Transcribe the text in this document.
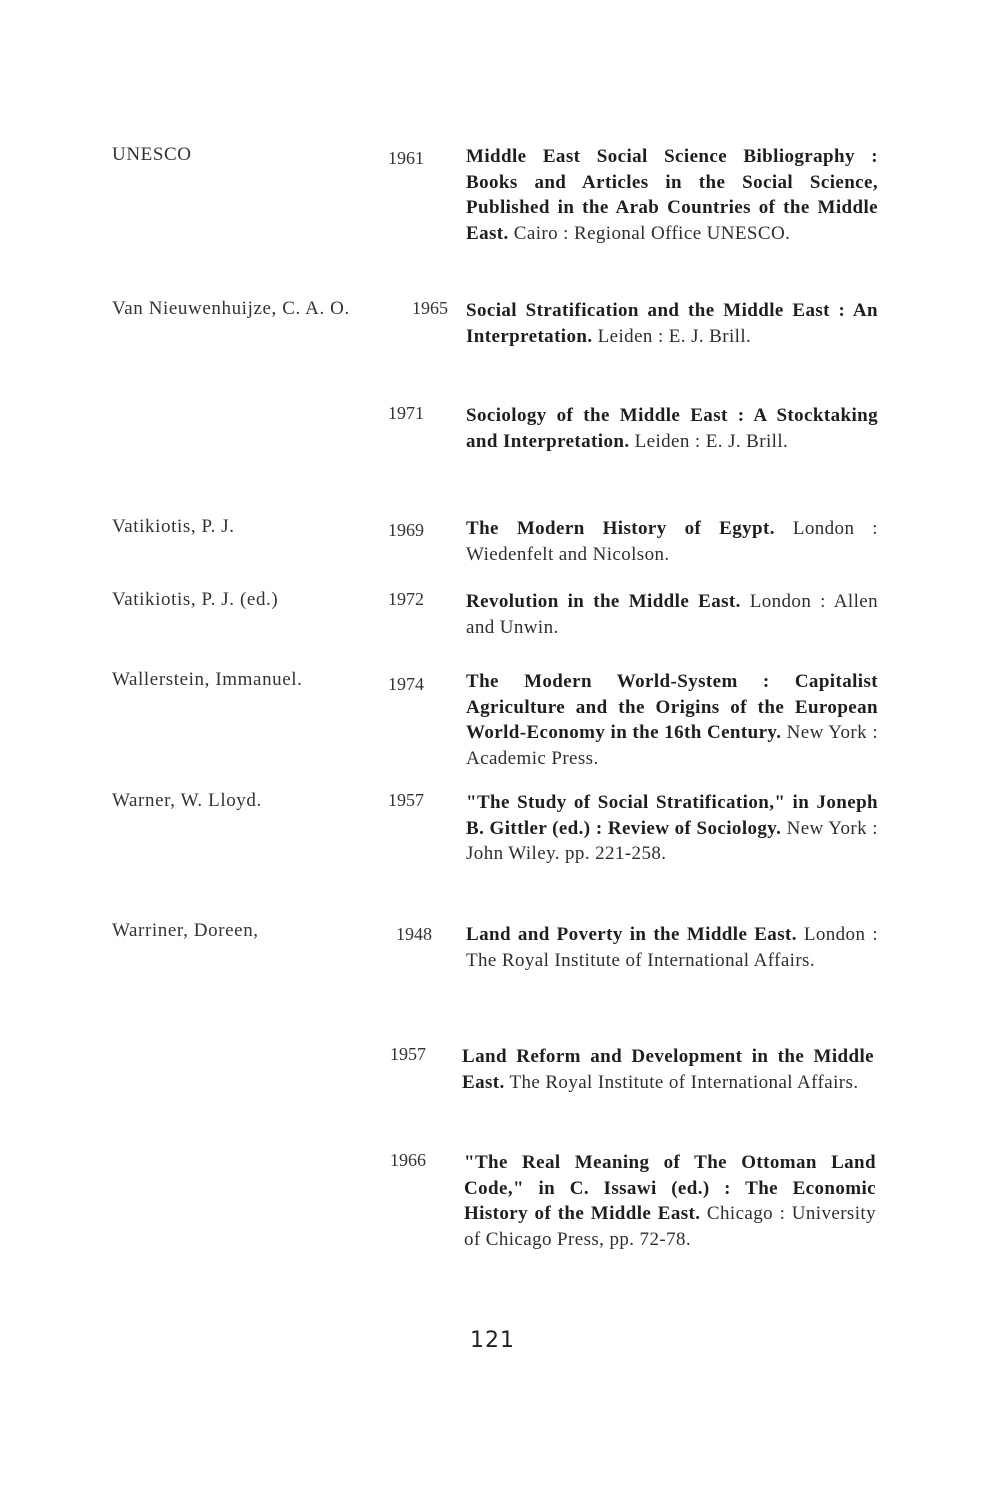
UNESCO	1961 Middle East Social Science Bibliography : Books and Articles in the Social Science, Published in the Arab Countries of the Middle East. Cairo : Regional Office UNESCO.
Van Nieuwenhuijze, C. A. O.	1965 Social Stratification and the Middle East : An Interpretation. Leiden : E. J. Brill.
1971 Sociology of the Middle East : A Stocktaking and Interpretation. Leiden : E. J. Brill.
Vatikiotis, P. J.	1969 The Modern History of Egypt. London : Wiedenfelt and Nicolson.
Vatikiotis, P. J. (ed.)	1972 Revolution in the Middle East. London : Allen and Unwin.
Wallerstein, Immanuel.	1974 The Modern World-System : Capitalist Agriculture and the Origins of the European World-Economy in the 16th Century. New York : Academic Press.
Warner, W. Lloyd.	1957 "The Study of Social Stratification," in Joneph B. Gittler (ed.) : Review of Sociology. New York : John Wiley. pp. 221-258.
Warriner, Doreen,	1948 Land and Poverty in the Middle East. London : The Royal Institute of International Affairs.
1957 Land Reform and Development in the Middle East. The Royal Institute of International Affairs.
1966 "The Real Meaning of The Ottoman Land Code," in C. Issawi (ed.) : The Economic History of the Middle East. Chicago : University of Chicago Press, pp. 72-78.
121
